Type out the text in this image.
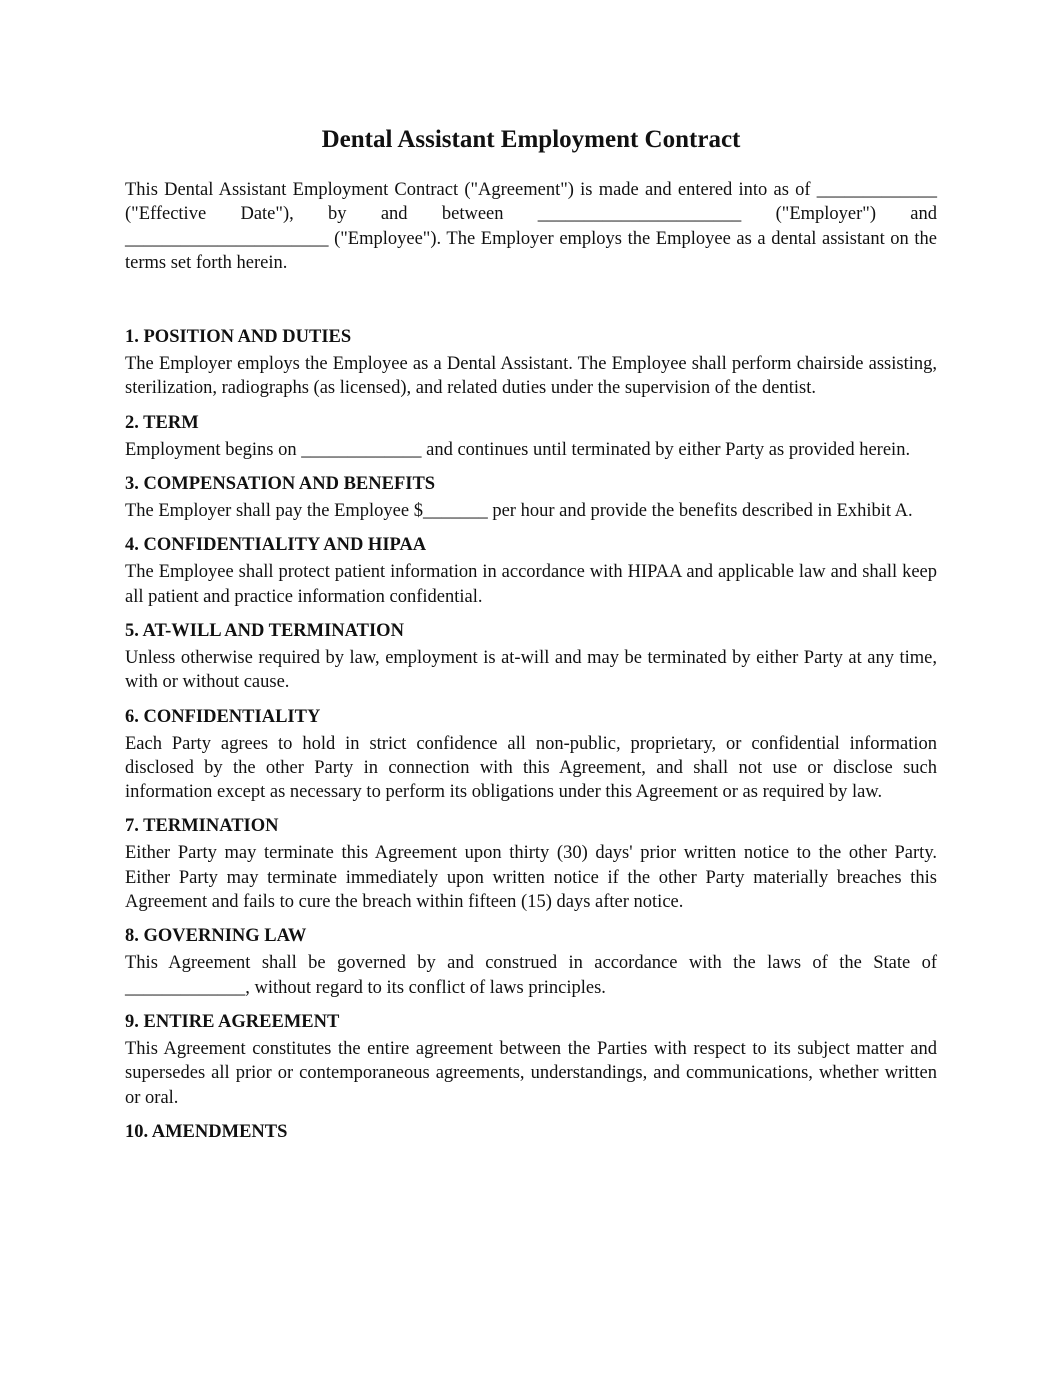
Dental Assistant Employment Contract

This Dental Assistant Employment Contract ("Agreement") is made and entered into as of _____________ ("Effective Date"), by and between ______________________ ("Employer") and ______________________ ("Employee"). The Employer employs the Employee as a dental assistant on the terms set forth herein.

1. POSITION AND DUTIES

The Employer employs the Employee as a Dental Assistant. The Employee shall perform chairside assisting, sterilization, radiographs (as licensed), and related duties under the supervision of the dentist.

2. TERM

Employment begins on _____________ and continues until terminated by either Party as provided herein.

3. COMPENSATION AND BENEFITS

The Employer shall pay the Employee $_______ per hour and provide the benefits described in Exhibit A.

4. CONFIDENTIALITY AND HIPAA

The Employee shall protect patient information in accordance with HIPAA and applicable law and shall keep all patient and practice information confidential.

5. AT-WILL AND TERMINATION

Unless otherwise required by law, employment is at-will and may be terminated by either Party at any time, with or without cause.

6. CONFIDENTIALITY

Each Party agrees to hold in strict confidence all non-public, proprietary, or confidential information disclosed by the other Party in connection with this Agreement, and shall not use or disclose such information except as necessary to perform its obligations under this Agreement or as required by law.

7. TERMINATION

Either Party may terminate this Agreement upon thirty (30) days' prior written notice to the other Party. Either Party may terminate immediately upon written notice if the other Party materially breaches this Agreement and fails to cure the breach within fifteen (15) days after notice.

8. GOVERNING LAW

This Agreement shall be governed by and construed in accordance with the laws of the State of _____________, without regard to its conflict of laws principles.

9. ENTIRE AGREEMENT

This Agreement constitutes the entire agreement between the Parties with respect to its subject matter and supersedes all prior or contemporaneous agreements, understandings, and communications, whether written or oral.

10. AMENDMENTS
